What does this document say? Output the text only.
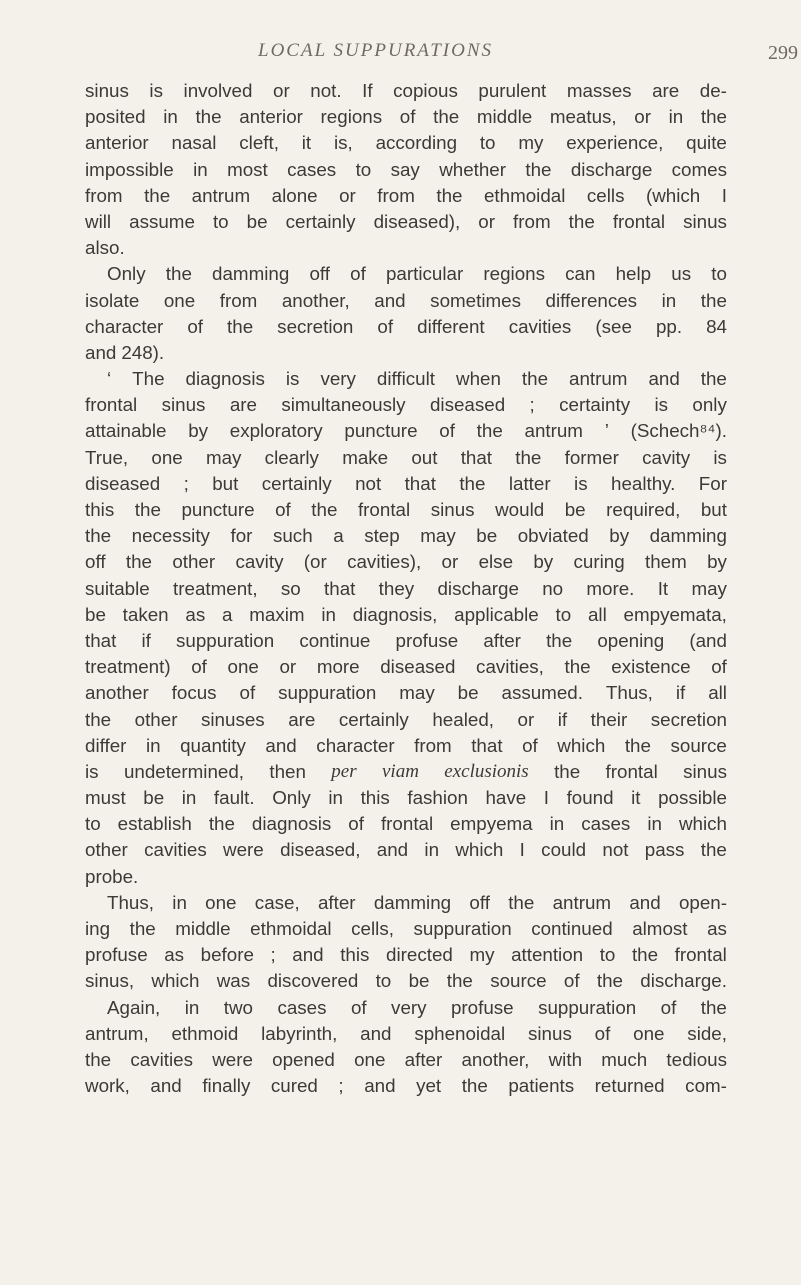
LOCAL SUPPURATIONS	299
sinus is involved or not. If copious purulent masses are de-
posited in the anterior regions of the middle meatus, or in the
anterior nasal cleft, it is, according to my experience, quite
impossible in most cases to say whether the discharge comes
from the antrum alone or from the ethmoidal cells (which I
will assume to be certainly diseased), or from the frontal sinus
also.
Only the damming off of particular regions can help us to
isolate one from another, and sometimes differences in the
character of the secretion of different cavities (see pp. 84
and 248).
‘ The diagnosis is very difficult when the antrum and the
frontal sinus are simultaneously diseased ; certainty is only
attainable by exploratory puncture of the antrum ’ (Schech⁸⁴).
True, one may clearly make out that the former cavity is
diseased ; but certainly not that the latter is healthy. For
this the puncture of the frontal sinus would be required, but
the necessity for such a step may be obviated by damming
off the other cavity (or cavities), or else by curing them by
suitable treatment, so that they discharge no more. It may
be taken as a maxim in diagnosis, applicable to all empyemata,
that if suppuration continue profuse after the opening (and
treatment) of one or more diseased cavities, the existence of
another focus of suppuration may be assumed. Thus, if all
the other sinuses are certainly healed, or if their secretion
differ in quantity and character from that of which the source
is undetermined, then per viam exclusionis the frontal sinus
must be in fault. Only in this fashion have I found it possible
to establish the diagnosis of frontal empyema in cases in which
other cavities were diseased, and in which I could not pass the
probe.
Thus, in one case, after damming off the antrum and open-
ing the middle ethmoidal cells, suppuration continued almost as
profuse as before ; and this directed my attention to the frontal
sinus, which was discovered to be the source of the discharge.
Again, in two cases of very profuse suppuration of the
antrum, ethmoid labyrinth, and sphenoidal sinus of one side,
the cavities were opened one after another, with much tedious
work, and finally cured ; and yet the patients returned com-
